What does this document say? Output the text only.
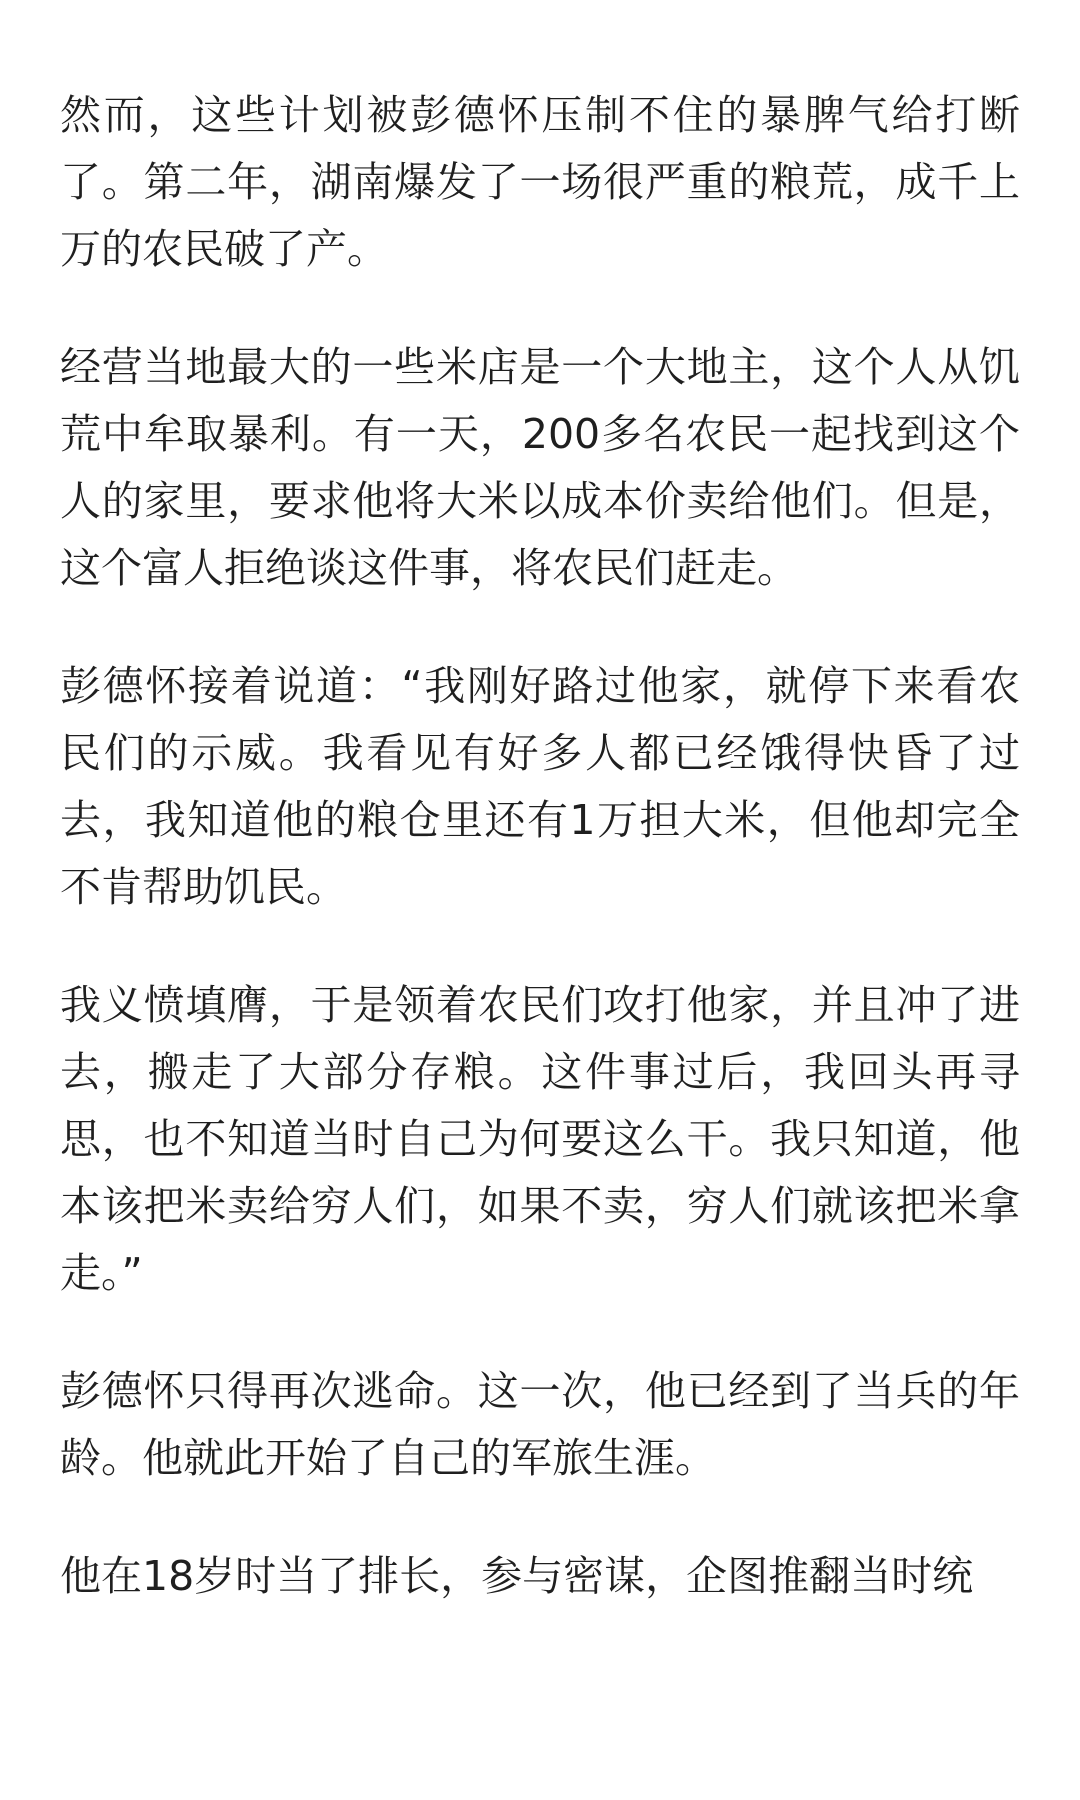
然而，这些计划被彭德怀压制不住的暴脾气给打断了。第二年，湖南爆发了一场很严重的粮荒，成千上万的农民破了产。

经营当地最大的一些米店是一个大地主，这个人从饥荒中牟取暴利。有一天，200多名农民一起找到这个人的家里，要求他将大米以成本价卖给他们。但是，这个富人拒绝谈这件事，将农民们赶走。

彭德怀接着说道：“我刚好路过他家，就停下来看农民们的示威。我看见有好多人都已经饿得快昏了过去，我知道他的粮仓里还有1万担大米，但他却完全不肯帮助饥民。

我义愤填膺，于是领着农民们攻打他家，并且冲了进去，搬走了大部分存粮。这件事过后，我回头再寻思，也不知道当时自己为何要这么干。我只知道，他本该把米卖给穷人们，如果不卖，穷人们就该把米拿走。”

彭德怀只得再次逃命。这一次，他已经到了当兵的年龄。他就此开始了自己的军旅生涯。

他在18岁时当了排长，参与密谋，企图推翻当时统
